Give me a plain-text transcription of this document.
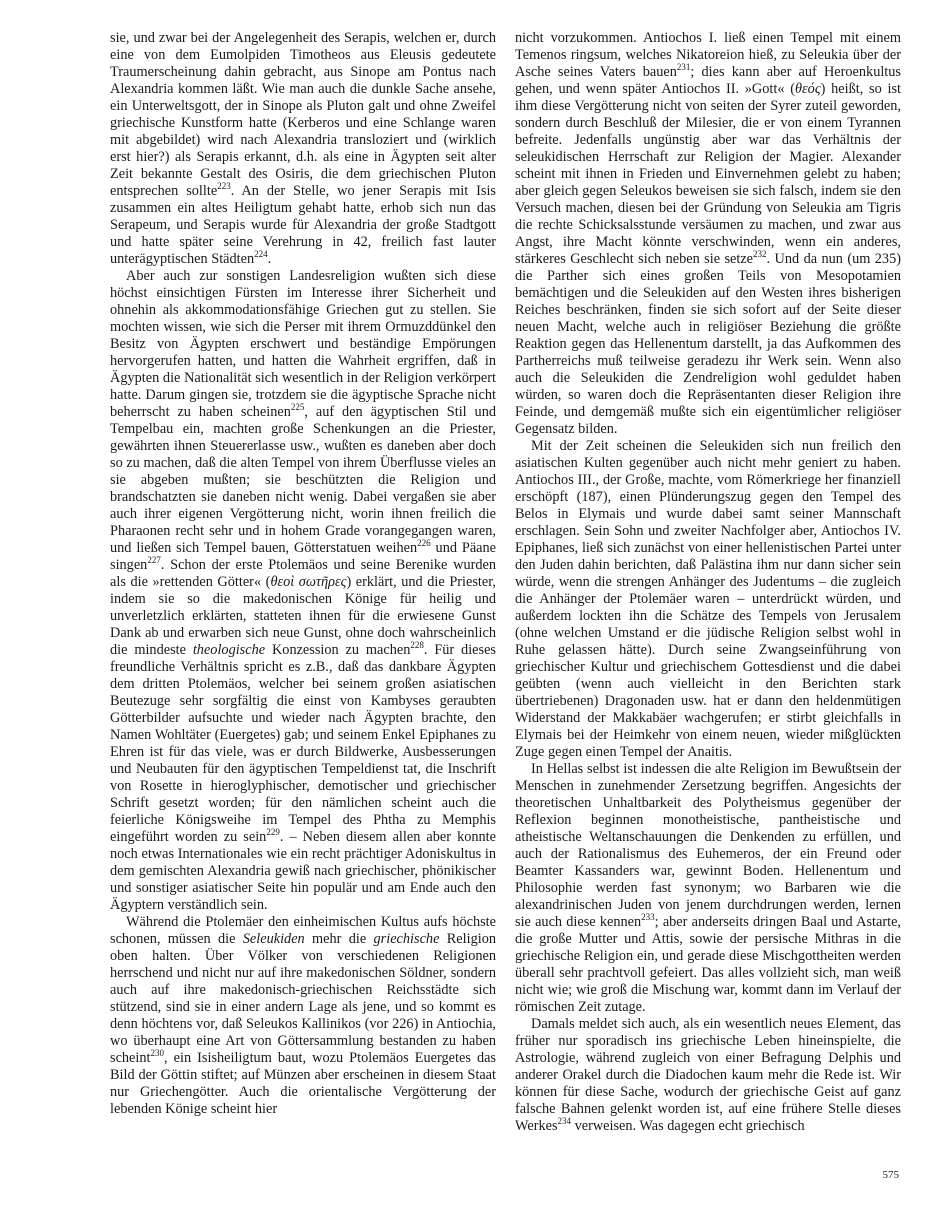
sie, und zwar bei der Angelegenheit des Serapis, welchen er, durch eine von dem Eumolpiden Timotheos aus Eleusis gedeutete Traumerscheinung dahin gebracht, aus Sinope am Pontus nach Alexandria kommen läßt. Wie man auch die dunkle Sache ansehe, ein Unterweltsgott, der in Sinope als Pluton galt und ohne Zweifel griechische Kunstform hatte (Kerberos und eine Schlange waren mit abgebildet) wird nach Alexandria transloziert und (wirklich erst hier?) als Serapis erkannt, d.h. als eine in Ägypten seit alter Zeit bekannte Gestalt des Osiris, die dem griechischen Pluton entsprechen sollte$^{223}$. An der Stelle, wo jener Serapis mit Isis zusammen ein altes Heiligtum gehabt hatte, erhob sich nun das Serapeum, und Serapis wurde für Alexandria der große Stadtgott und hatte später seine Verehrung in 42, freilich fast lauter unterägyptischen Städten$^{224}$.

Aber auch zur sonstigen Landesreligion wußten sich diese höchst einsichtigen Fürsten im Interesse ihrer Sicherheit und ohnehin als akkommodationsfähige Griechen gut zu stellen. Sie mochten wissen, wie sich die Perser mit ihrem Ormuzddünkel den Besitz von Ägypten erschwert und beständige Empörungen hervorgerufen hatten, und hatten die Wahrheit ergriffen, daß in Ägypten die Nationalität sich wesentlich in der Religion verkörpert hatte. Darum gingen sie, trotzdem sie die ägyptische Sprache nicht beherrscht zu haben scheinen$^{225}$, auf den ägyptischen Stil und Tempelbau ein, machten große Schenkungen an die Priester, gewährten ihnen Steuererlasse usw., wußten es daneben aber doch so zu machen, daß die alten Tempel von ihrem Überflusse vieles an sie abgeben mußten; sie beschützten die Religion und brandschatzten sie daneben nicht wenig. Dabei vergaßen sie aber auch ihrer eigenen Vergötterung nicht, worin ihnen freilich die Pharaonen recht sehr und in hohem Grade vorangegangen waren, und ließen sich Tempel bauen, Götterstatuen weihen$^{226}$ und Päane singen$^{227}$. Schon der erste Ptolemäos und seine Berenike wurden als die »rettenden Götter« (θεοὶ σωτῆρες) erklärt, und die Priester, indem sie so die makedonischen Könige für heilig und unverletzlich erklärten, statteten ihnen für die erwiesene Gunst Dank ab und erwarben sich neue Gunst, ohne doch wahrscheinlich die mindeste theologische Konzession zu machen$^{228}$. Für dieses freundliche Verhältnis spricht es z.B., daß das dankbare Ägypten dem dritten Ptolemäos, welcher bei seinem großen asiatischen Beutezuge sehr sorgfältig die einst von Kambyses geraubten Götterbilder aufsuchte und wieder nach Ägypten brachte, den Namen Wohltäter (Euergetes) gab; und seinem Enkel Epiphanes zu Ehren ist für das viele, was er durch Bildwerke, Ausbesserungen und Neubauten für den ägyptischen Tempeldienst tat, die Inschrift von Rosette in hieroglyphischer, demotischer und griechischer Schrift gesetzt worden; für den nämlichen scheint auch die feierliche Königsweihe im Tempel des Phtha zu Memphis eingeführt worden zu sein$^{229}$. – Neben diesem allen aber konnte noch etwas Internationales wie ein recht prächtiger Adoniskultus in dem gemischten Alexandria gewiß nach griechischer, phönikischer und sonstiger asiatischer Seite hin populär und am Ende auch den Ägyptern verständlich sein.

Während die Ptolemäer den einheimischen Kultus aufs höchste schonen, müssen die Seleukiden mehr die griechische Religion oben halten. Über Völker von verschiedenen Religionen herrschend und nicht nur auf ihre makedonischen Söldner, sondern auch auf ihre makedonisch-griechischen Reichsstädte sich stützend, sind sie in einer andern Lage als jene, und so kommt es denn höchtens vor, daß Seleukos Kallinikos (vor 226) in Antiochia, wo überhaupt eine Art von Göttersammlung bestanden zu haben scheint$^{230}$, ein Isisheiligtum baut, wozu Ptolemäos Euergetes das Bild der Göttin stiftet; auf Münzen aber erscheinen in diesem Staat nur Griechengötter. Auch die orientalische Vergötterung der lebenden Könige scheint hier

nicht vorzukommen. Antiochos I. ließ einen Tempel mit einem Temenos ringsum, welches Nikatoreion hieß, zu Seleukia über der Asche seines Vaters bauen$^{231}$; dies kann aber auf Heroenkultus gehen, und wenn später Antiochos II. »Gott« (θεός) heißt, so ist ihm diese Vergötterung nicht von seiten der Syrer zuteil geworden, sondern durch Beschluß der Milesier, die er von einem Tyrannen befreite. Jedenfalls ungünstig aber war das Verhältnis der seleukidischen Herrschaft zur Religion der Magier. Alexander scheint mit ihnen in Frieden und Einvernehmen gelebt zu haben; aber gleich gegen Seleukos beweisen sie sich falsch, indem sie den Versuch machen, diesen bei der Gründung von Seleukia am Tigris die rechte Schicksalsstunde versäumen zu machen, und zwar aus Angst, ihre Macht könnte verschwinden, wenn ein anderes, stärkeres Geschlecht sich neben sie setze$^{232}$. Und da nun (um 235) die Parther sich eines großen Teils von Mesopotamien bemächtigen und die Seleukiden auf den Westen ihres bisherigen Reiches beschränken, finden sie sich sofort auf der Seite dieser neuen Macht, welche auch in religiöser Beziehung die größte Reaktion gegen das Hellenentum darstellt, ja das Aufkommen des Partherreichs muß teilweise geradezu ihr Werk sein. Wenn also auch die Seleukiden die Zendreligion wohl geduldet haben würden, so waren doch die Repräsentanten dieser Religion ihre Feinde, und demgemäß mußte sich ein eigentümlicher religiöser Gegensatz bilden.

Mit der Zeit scheinen die Seleukiden sich nun freilich den asiatischen Kulten gegenüber auch nicht mehr geniert zu haben. Antiochos III., der Große, machte, vom Römerkriege her finanziell erschöpft (187), einen Plünderungszug gegen den Tempel des Belos in Elymais und wurde dabei samt seiner Mannschaft erschlagen. Sein Sohn und zweiter Nachfolger aber, Antiochos IV. Epiphanes, ließ sich zunächst von einer hellenistischen Partei unter den Juden dahin berichten, daß Palästina ihm nur dann sicher sein würde, wenn die strengen Anhänger des Judentums – die zugleich die Anhänger der Ptolemäer waren – unterdrückt würden, und außerdem lockten ihn die Schätze des Tempels von Jerusalem (ohne welchen Umstand er die jüdische Religion selbst wohl in Ruhe gelassen hätte). Durch seine Zwangseinführung von griechischer Kultur und griechischem Gottesdienst und die dabei geübten (wenn auch vielleicht in den Berichten stark übertriebenen) Dragonaden usw. hat er dann den heldenmütigen Widerstand der Makkabäer wachgerufen; er stirbt gleichfalls in Elymais bei der Heimkehr von einem neuen, wieder mißglückten Zuge gegen einen Tempel der Anaitis.

In Hellas selbst ist indessen die alte Religion im Bewußtsein der Menschen in zunehmender Zersetzung begriffen. Angesichts der theoretischen Unhaltbarkeit des Polytheismus gegenüber der Reflexion beginnen monotheistische, pantheistische und atheistische Weltanschauungen die Denkenden zu erfüllen, und auch der Rationalismus des Euhemeros, der ein Freund oder Beamter Kassanders war, gewinnt Boden. Hellenentum und Philosophie werden fast synonym; wo Barbaren wie die alexandrinischen Juden von jenem durchdrungen werden, lernen sie auch diese kennen$^{233}$; aber anderseits dringen Baal und Astarte, die große Mutter und Attis, sowie der persische Mithras in die griechische Religion ein, und gerade diese Mischgottheiten werden überall sehr prachtvoll gefeiert. Das alles vollzieht sich, man weiß nicht wie; wie groß die Mischung war, kommt dann im Verlauf der römischen Zeit zutage.

Damals meldet sich auch, als ein wesentlich neues Element, das früher nur sporadisch ins griechische Leben hineinspielte, die Astrologie, während zugleich von einer Befragung Delphis und anderer Orakel durch die Diadochen kaum mehr die Rede ist. Wir können für diese Sache, wodurch der griechische Geist auf ganz falsche Bahnen gelenkt worden ist, auf eine frühere Stelle dieses Werkes$^{234}$ verweisen. Was dagegen echt griechisch

575
